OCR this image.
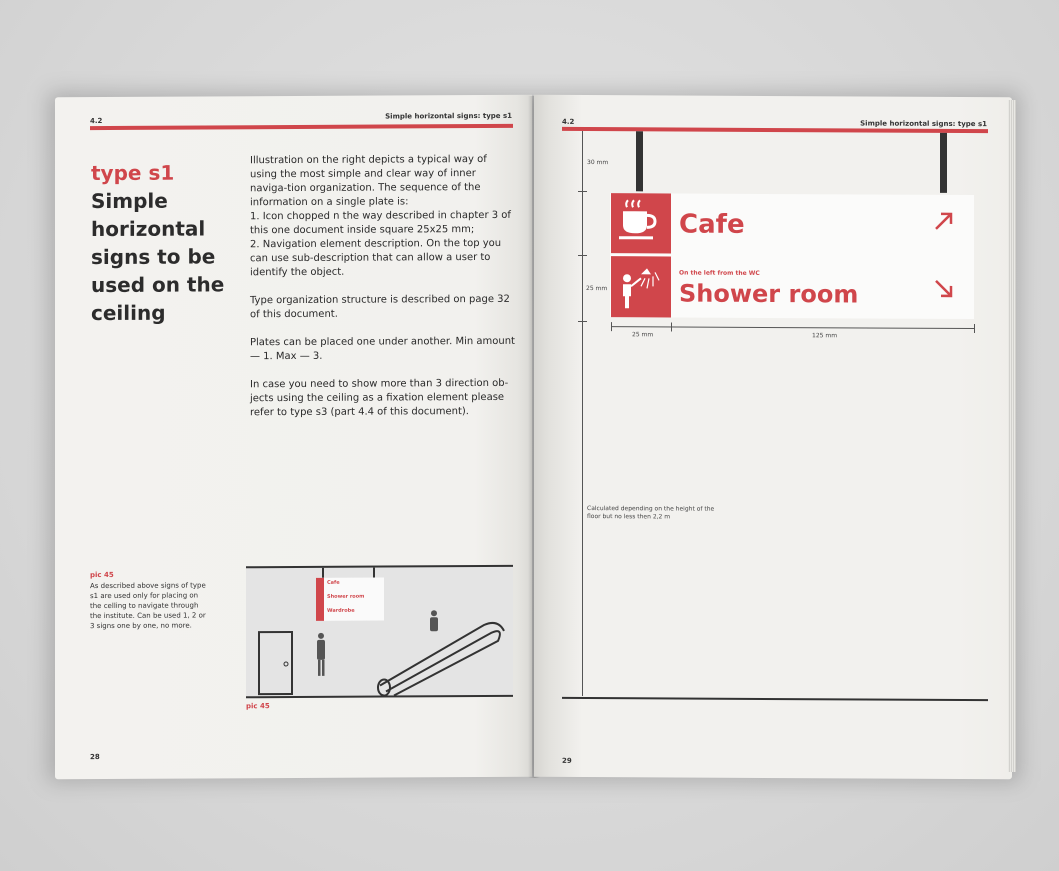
4.2
Simple horizontal signs: type s1
type s1
Simple horizontal signs to be used on the ceiling

Illustration on the right depicts a typical way of using the most simple and clear way of inner naviga-tion organization. The sequence of the information on a single plate is:
1. Icon chopped n the way described in chapter 3 of this one document inside square 25x25 mm;
2. Navigation element description. On the top you can use sub-description that can allow a user to identify the object.

Type organization structure is described on page 32 of this document.

Plates can be placed one under another. Min amount — 1. Max — 3.

In case you need to show more than 3 direction ob-jects using the ceiling as a fixation element please refer to type s3 (part 4.4 of this document).

pic 45
As described above signs of type s1 are used only for placing on the celling to navigate through the institute. Can be used 1, 2 or 3 signs one by one, no more.
Cafe
Shower room
Wardrobe
pic 45
28
4.2	Simple horizontal signs: type s1
30 mm
25 mm
Cafe
On the left from the WC
Shower room
25 mm	125 mm
Calculated depending on the height of the floor but no less then 2,2 m
29
